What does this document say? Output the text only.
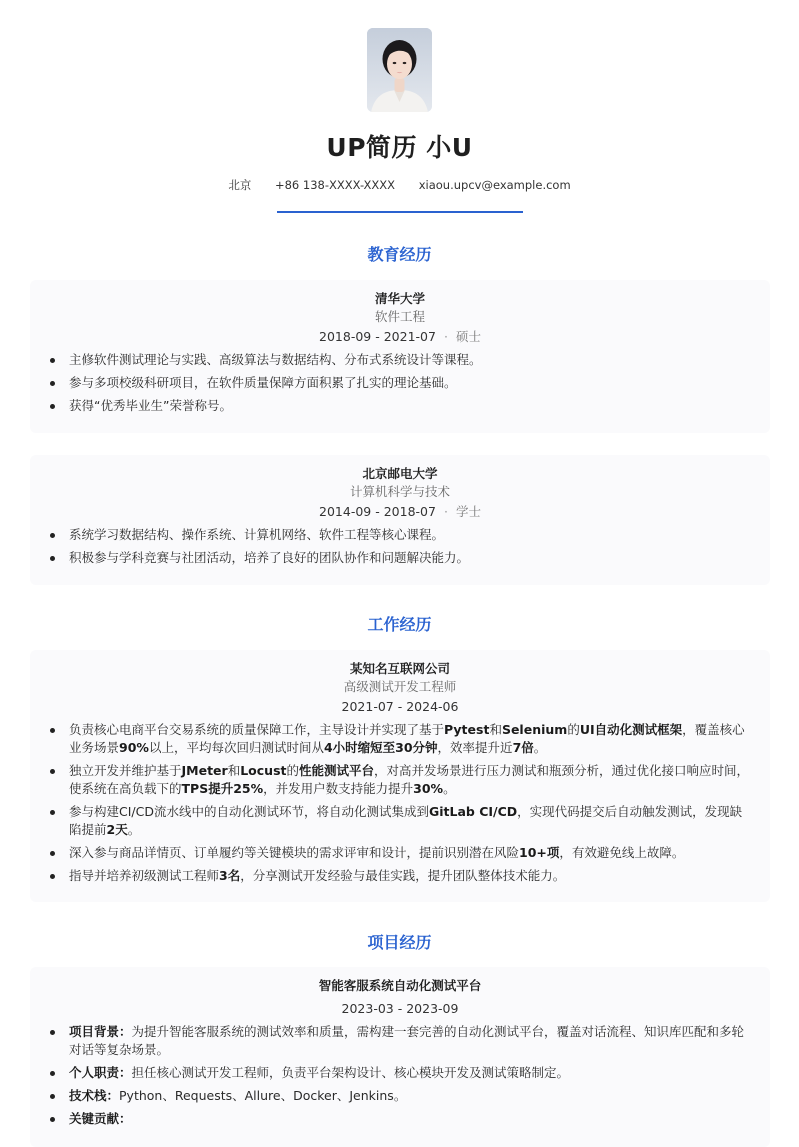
UP简历 小U
北京 +86 138-XXXX-XXXX xiaou.upcv@example.com
教育经历
清华大学
软件工程
2018-09 - 2021-07 · 硕士
主修软件测试理论与实践、高级算法与数据结构、分布式系统设计等课程。
参与多项校级科研项目，在软件质量保障方面积累了扎实的理论基础。
获得“优秀毕业生”荣誉称号。
北京邮电大学
计算机科学与技术
2014-09 - 2018-07 · 学士
系统学习数据结构、操作系统、计算机网络、软件工程等核心课程。
积极参与学科竞赛与社团活动，培养了良好的团队协作和问题解决能力。
工作经历
某知名互联网公司
高级测试开发工程师
2021-07 - 2024-06
负责核心电商平台交易系统的质量保障工作，主导设计并实现了基于Pytest和Selenium的UI自动化测试框架，覆盖核心业务场景90%以上，平均每次回归测试时间从4小时缩短至30分钟，效率提升近7倍。
独立开发并维护基于JMeter和Locust的性能测试平台，对高并发场景进行压力测试和瓶颈分析，通过优化接口响应时间，使系统在高负载下的TPS提升25%，并发用户数支持能力提升30%。
参与构建CI/CD流水线中的自动化测试环节，将自动化测试集成到GitLab CI/CD，实现代码提交后自动触发测试，发现缺陷提前2天。
深入参与商品详情页、订单履约等关键模块的需求评审和设计，提前识别潜在风险10+项，有效避免线上故障。
指导并培养初级测试工程师3名，分享测试开发经验与最佳实践，提升团队整体技术能力。
项目经历
智能客服系统自动化测试平台
2023-03 - 2023-09
项目背景：为提升智能客服系统的测试效率和质量，需构建一套完善的自动化测试平台，覆盖对话流程、知识库匹配和多轮对话等复杂场景。
个人职责：担任核心测试开发工程师，负责平台架构设计、核心模块开发及测试策略制定。
技术栈：Python、Requests、Allure、Docker、Jenkins。
关键贡献：
